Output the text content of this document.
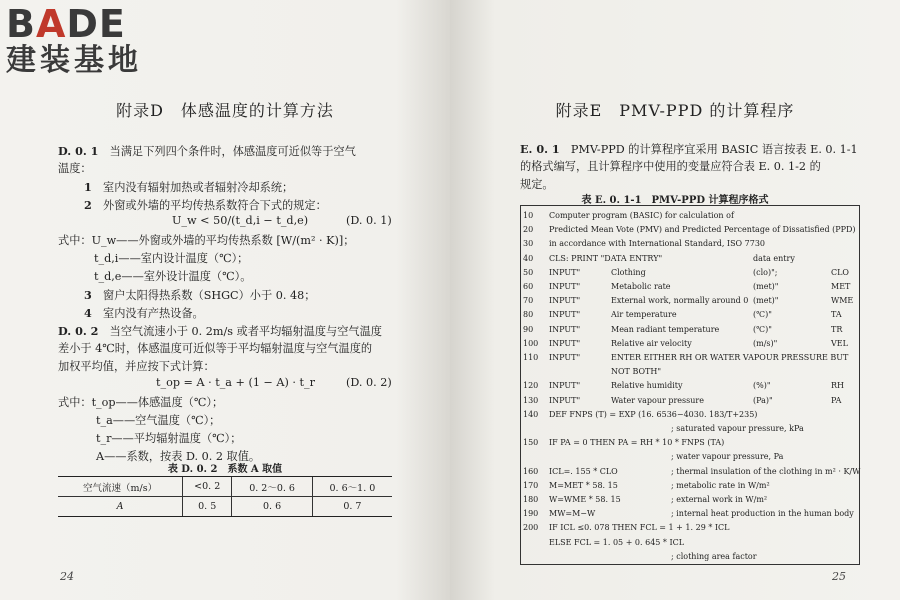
BADE
建装基地
附录D　体感温度的计算方法
D. 0. 1　 当满足下列四个条件时，体感温度可近似等于空气
温度：
1　 室内没有辐射加热或者辐射冷却系统；
2　 外窗或外墙的平均传热系数符合下式的规定：
U_w < 50/(t_d,i − t_d,e)	(D. 0. 1)
式中：U_w——外窗或外墙的平均传热系数 [W/(m² · K)]；
t_d,i——室内设计温度（℃）；
t_d,e——室外设计温度（℃）。
3　 窗户太阳得热系数（SHGC）小于 0. 48；
4　 室内没有产热设备。
D. 0. 2　 当空气流速小于 0. 2m/s 或者平均辐射温度与空气温度
差小于 4℃时，体感温度可近似等于平均辐射温度与空气温度的
加权平均值，并应按下式计算：
t_op = A · t_a + (1 − A) · t_r	(D. 0. 2)
式中：t_op——体感温度（℃）；
t_a——空气温度（℃）；
t_r——平均辐射温度（℃）；
A——系数，按表 D. 0. 2 取值。
表 D. 0. 2　系数 A 取值
空气流速（m/s）	<0. 2	0. 2～0. 6	0. 6～1. 0
A	0. 5	0. 6	0. 7
24
附录E　PMV-PPD 的计算程序
E. 0. 1　 PMV-PPD 的计算程序宜采用 BASIC 语言按表 E. 0. 1-1
的格式编写，且计算程序中使用的变量应符合表 E. 0. 1-2 的
规定。
表 E. 0. 1-1　PMV-PPD 计算程序格式
25
10 Computer program (BASIC) for calculation of
20 Predicted Mean Vote (PMV) and Predicted Percentage of Dissatisfied (PPD)
30 in accordance with International Standard, ISO 7730
40 CLS: PRINT "DATA ENTRY"	data entry
50 INPUT"	Clothing	(clo)";	CLO
60 INPUT"	Metabolic rate	(met)"	MET
70 INPUT"	External work, normally around 0 (met)"	WME
80 INPUT"	Air temperature	(℃)"	TA
90 INPUT"	Mean radiant temperature	(℃)"	TR
100 INPUT"	Relative air velocity	(m/s)"	VEL
110 INPUT"	ENTER EITHER RH OR WATER VAPOUR PRESSURE BUT
NOT BOTH"
120 INPUT"	Relative humidity	(%)"	RH
130 INPUT"	Water vapour pressure	(Pa)"	PA
140 DEF FNPS (T) = EXP (16. 6536−4030. 183/T+235)
; saturated vapour pressure, kPa
150 IF PA = 0 THEN PA = RH * 10 * FNPS (TA)
; water vapour pressure, Pa
160 ICL=. 155 * CLO	; thermal insulation of the clothing in m² · K/W
170 M=MET * 58. 15	; metabolic rate in W/m²
180 W=WME * 58. 15	; external work in W/m²
190 MW=M−W	; internal heat production in the human body
200 IF ICL ≤0. 078 THEN FCL = 1 + 1. 29 * ICL
ELSE FCL = 1. 05 + 0. 645 * ICL
; clothing area factor
